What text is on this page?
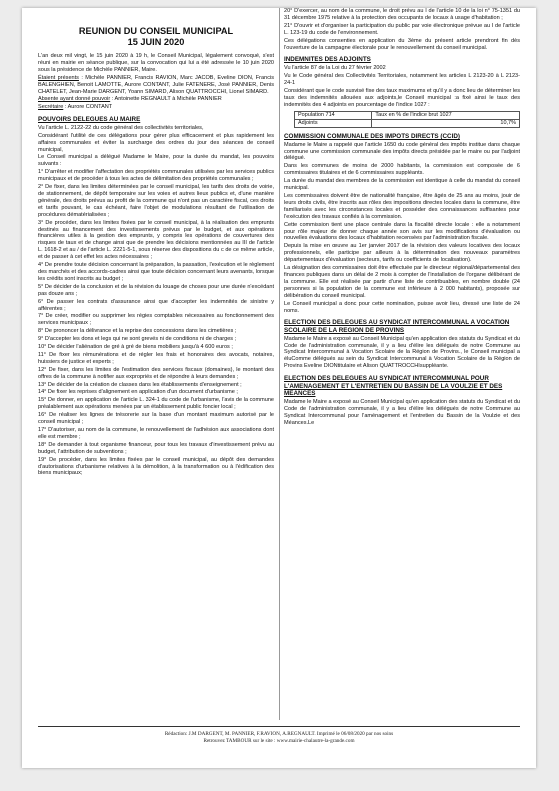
REUNION DU CONSEIL MUNICIPAL
15 JUIN 2020

L'an deux mil vingt, le 15 juin 2020 à 19 h, le Conseil Municipal, légalement convoqué, s'est réuni en mairie en séance publique, sur la convocation qui lui a été adressée le 10 juin 2020 sous la présidence de Michèle PANNIER, Maire.

Étaient présents : Michèle PANNIER, Francis RAVION, Marc JACOB, Eveline DION, Francis BALENGHIEN, Benoit LAMOTTE, Aurore CONTANT, Julie FATENERE, José PANNIER, Denis CHATELET, Jean-Marie DARGENT, Yoann SIMARD, Alison QUATTROCCHI, Lionel SIMARD.

Absente ayant donné pouvoir : Antoinette REGNAULT à Michèle PANNIER

Secrétaire : Aurore CONTANT

POUVOIRS DELEGUES AU MAIRE

Vu l'article L. 2122-22 du code général des collectivités territoriales,

Considérant l'utilité de ces délégations pour gérer plus efficacement et plus rapidement les affaires communales et éviter la surcharge des ordres du jour des séances de conseil municipal,

Le Conseil municipal a délégué Madame le Maire, pour la durée du mandat, les pouvoirs suivants :

1° D'arrêter et modifier l'affectation des propriétés communales utilisées par les services publics municipaux et de procéder à tous les actes de délimitation des propriétés communales ;

2° De fixer, dans les limites déterminées par le conseil municipal, les tarifs des droits de voirie, de stationnement, de dépôt temporaire sur les voies et autres lieux publics et, d'une manière générale, des droits prévus au profit de la commune qui n'ont pas un caractère fiscal, ces droits et tarifs pouvant, le cas échéant, faire l'objet de modulations résultant de l'utilisation de procédures dématérialisées ;

3° De procéder, dans les limites fixées par le conseil municipal, à la réalisation des emprunts destinés au financement des investissements prévus par le budget, et aux opérations financières utiles à la gestion des emprunts, y compris les opérations de couvertures des risques de taux et de change ainsi que de prendre les décisions mentionnées au III de l'article L. 1618-2 et au / de l'article L. 2221-5-1, sous réserve des dispositions du c de ce même article, et de passer à cet effet les actes nécessaires ;

4° De prendre toute décision concernant la préparation, la passation, l'exécution et le règlement des marchés et des accords-cadres ainsi que toute décision concernant leurs avenants, lorsque les crédits sont inscrits au budget ;

5° De décider de la conclusion et de la révision du louage de choses pour une durée n'excédant pas douze ans ;

6° De passer les contrats d'assurance ainsi que d'accepter les indemnités de sinistre y afférentes ;

7° De créer, modifier ou supprimer les régies comptables nécessaires au fonctionnement des services municipaux ;

8° De prononcer la délivrance et la reprise des concessions dans les cimetières ;

9° D'accepter les dons et legs qui ne sont grevés ni de conditions ni de charges ;

10° De décider l'aliénation de gré à gré de biens mobiliers jusqu'à 4 600 euros ;

11° De fixer les rémunérations et de régler les frais et honoraires des avocats, notaires, huissiers de justice et experts ;

12° De fixer, dans les limites de l'estimation des services fiscaux (domaines), le montant des offres de la commune à notifier aux expropriés et de répondre à leurs demandes ;

13° De décider de la création de classes dans les établissements d'enseignement ;

14° De fixer les reprises d'alignement en application d'un document d'urbanisme ;

15° De donner, en application de l'article L. 324-1 du code de l'urbanisme, l'avis de la commune préalablement aux opérations menées par un établissement public foncier local ;

16° De réaliser les lignes de trésorerie sur la base d'un montant maximum autorisé par le conseil municipal ;

17° D'autoriser, au nom de la commune, le renouvellement de l'adhésion aux associations dont elle est membre ;

18° De demander à tout organisme financeur, pour tous les travaux d'investissement prévu au budget, l'attribution de subventions ;

19° De procéder, dans les limites fixées par le conseil municipal, au dépôt des demandes d'autorisations d'urbanisme relatives à la démolition, à la transformation ou à l'édification des biens municipaux;

20° D'exercer, au nom de la commune, le droit prévu au I de l'article 10 de la loi n° 75-1351 du 31 décembre 1975 relative à la protection des occupants de locaux à usage d'habitation ;

21° D'ouvrir et d'organiser la participation du public par voie électronique prévue au I de l'article L. 123-19 du code de l'environnement.

Ces délégations consenties en application du 3ème du présent article prendront fin dès l'ouverture de la campagne électorale pour le renouvellement du conseil municipal.

INDEMNITES DES ADJOINTS

Vu l'article 87 de la Loi du 27 février 2002

Vu le Code général des Collectivités Territoriales, notamment les articles L 2123-20 à L 2123-24-1

Considérant que le code susvisé fixe des taux maximums et qu'il y a donc lieu de déterminer les taux des indemnités allouées aux adjoints,le Conseil municipal :a fixé ainsi le taux des indemnités des 4 adjoints en pourcentage de l'indice 1027 :

Population 714	Taux en % de l'indice brut 1027
Adjoints	10,7%
COMMISSION COMMUNALE DES IMPOTS DIRECTS (CCID)

Madame le Maire a rappelé que l'article 1650 du code général des impôts institue dans chaque commune une commission communale des impôts directs présidée par le maire ou par l'adjoint délégué.

Dans les communes de moins de 2000 habitants, la commission est composée de 6 commissaires titulaires et de 6 commissaires suppléants.

La durée du mandat des membres de la commission est identique à celle du mandat du conseil municipal.

Les commissaires doivent être de nationalité française, être âgés de 25 ans au moins, jouir de leurs droits civils, être inscrits aux rôles des impositions directes locales dans la commune, être familiarisés avec les circonstances locales et posséder des connaissances suffisantes pour l'exécution des travaux confiés à la commission.

Cette commission tient une place centrale dans la fiscalité directe locale : elle a notamment pour rôle majeur de donner chaque année son avis sur les modifications d'évaluation ou nouvelles évaluations des locaux d'habitation recensées par l'administration fiscale.

Depuis la mise en œuvre au 1er janvier 2017 de la révision des valeurs locatives des locaux professionnels, elle participe par ailleurs à la détermination des nouveaux paramètres départementaux d'évaluation (secteurs, tarifs ou coefficients de localisation).

La désignation des commissaires doit être effectuée par le directeur régional/départemental des finances publiques dans un délai de 2 mois à compter de l'installation de l'organe délibérant de la commune. Elle est réalisée par partir d'une liste de contribuables, en nombre double (24 personnes si la population de la commune est inférieure à 2 000 habitants), proposée sur délibération du conseil municipal.

Le Conseil municipal a donc pour cette nomination, puisse avoir lieu, dressé une liste de 24 noms.

ELECTION DES DELEGUES AU SYNDICAT INTERCOMMUNAL A VOCATION SCOLAIRE DE LA REGION DE PROVINS

Madame le Maire a exposé au Conseil Municipal qu'en application des statuts du Syndicat et du Code de l'administration communale, il y a lieu d'élire les délégués de notre Commune au Syndicat Intercommunal à Vocation Scolaire de la Région de Provins., le Conseil municipal a éluComme délégués au sein du Syndicat Intercommunal à Vocation Scolaire de la Région de Provins Eveline DIONtitulaire et Alison QUATTROCCHIsuppléante.

ELECTION DES DELEGUES AU SYNDICAT INTERCOMMUNAL POUR L'AMENAGEMENT ET L'ENTRETIEN DU BASSIN DE LA VOULZIE ET DES MEANCES

Madame le Maire a exposé au Conseil Municipal qu'en application des statuts du Syndicat et du Code de l'administration communale, il y a lieu d'élire les délégués de notre Commune au Syndicat Intercommunal pour l'aménagement et l'entretien du Bassin de la Voulzie et des Méances.Le

Rédaction: J.M DARGENT, M. PANNIER, F.RAVION, A.REGNAULT. Imprimé le 06/08/2020 par nos soins
Retrouvez TAMBOUR sur le site : www.mairie-chalautre-la-grande.com
